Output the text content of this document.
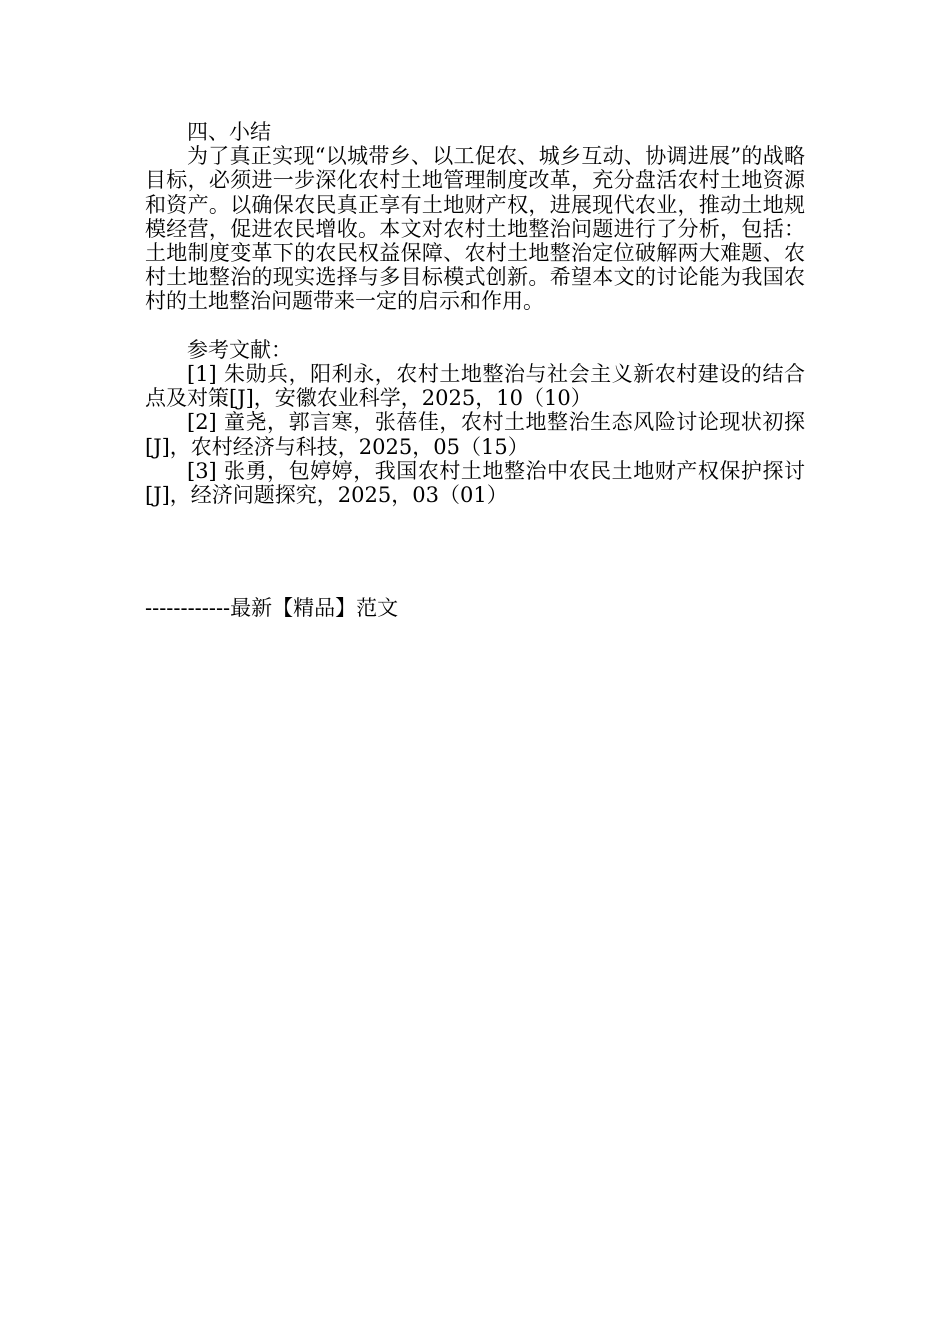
四、小结

为了真正实现“以城带乡、以工促农、城乡互动、协调进展”的战略目标，必须进一步深化农村土地管理制度改革，充分盘活农村土地资源和资产。以确保农民真正享有土地财产权，进展现代农业，推动土地规模经营，促进农民增收。本文对农村土地整治问题进行了分析，包括：土地制度变革下的农民权益保障、农村土地整治定位破解两大难题、农村土地整治的现实选择与多目标模式创新。希望本文的讨论能为我国农村的土地整治问题带来一定的启示和作用。

参考文献：

[1] 朱勋兵，阳利永，农村土地整治与社会主义新农村建设的结合点及对策[J]，安徽农业科学，2025，10（10）

[2] 童尧，郭言寒，张蓓佳，农村土地整治生态风险讨论现状初探[J]，农村经济与科技，2025，05（15）

[3] 张勇，包婷婷，我国农村土地整治中农民土地财产权保护探讨[J]，经济问题探究，2025，03（01）

------------最新【精品】范文
